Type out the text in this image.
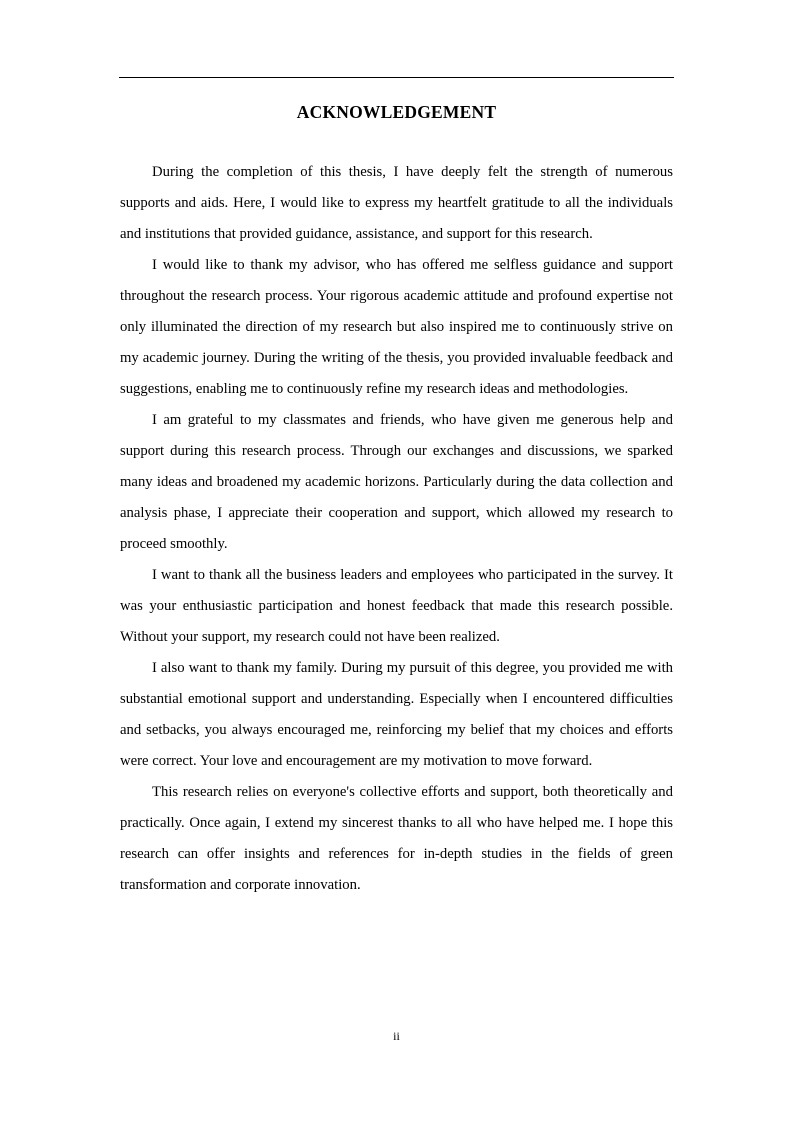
ACKNOWLEDGEMENT

During the completion of this thesis, I have deeply felt the strength of numerous supports and aids. Here, I would like to express my heartfelt gratitude to all the individuals and institutions that provided guidance, assistance, and support for this research.

I would like to thank my advisor, who has offered me selfless guidance and support throughout the research process. Your rigorous academic attitude and profound expertise not only illuminated the direction of my research but also inspired me to continuously strive on my academic journey. During the writing of the thesis, you provided invaluable feedback and suggestions, enabling me to continuously refine my research ideas and methodologies.

I am grateful to my classmates and friends, who have given me generous help and support during this research process. Through our exchanges and discussions, we sparked many ideas and broadened my academic horizons. Particularly during the data collection and analysis phase, I appreciate their cooperation and support, which allowed my research to proceed smoothly.

I want to thank all the business leaders and employees who participated in the survey. It was your enthusiastic participation and honest feedback that made this research possible. Without your support, my research could not have been realized.

I also want to thank my family. During my pursuit of this degree, you provided me with substantial emotional support and understanding. Especially when I encountered difficulties and setbacks, you always encouraged me, reinforcing my belief that my choices and efforts were correct. Your love and encouragement are my motivation to move forward.

This research relies on everyone's collective efforts and support, both theoretically and practically. Once again, I extend my sincerest thanks to all who have helped me. I hope this research can offer insights and references for in-depth studies in the fields of green transformation and corporate innovation.

ii
